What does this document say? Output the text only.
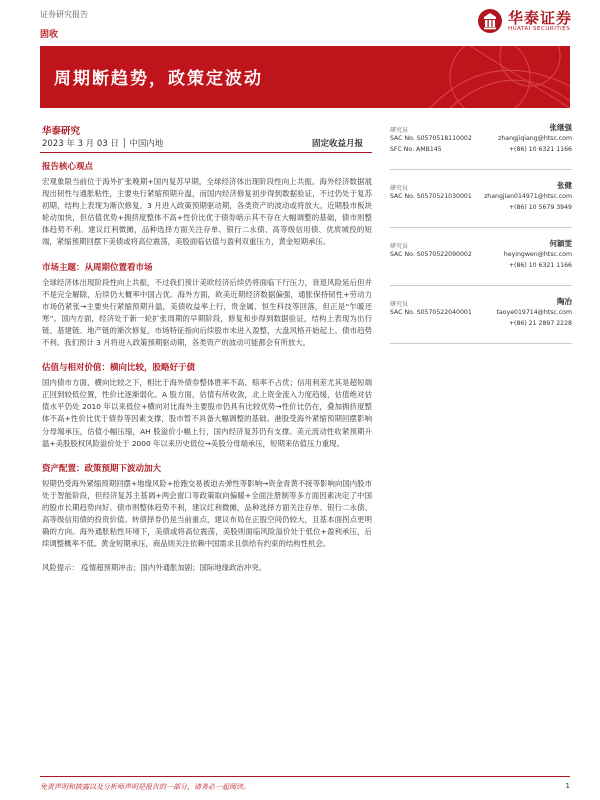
证券研究报告	华泰证券
HUATAI SECURITIES
固收
周期断趋势，政策定波动
华泰研究
2023 年 3 月 03 日 │ 中国内地	固定收益月报
报告核心观点
宏观象限当前位于海外扩张晚期+国内复苏早期，全球经济体出现阶段性向上共振。海外经济数据展现出韧性与通胀粘性，主要央行紧缩预期升温，而国内经济修复初步得到数据验证，不过仍处于复苏初期，结构上表现为渐次修复。3 月进入政策预期驱动期，各类资产的波动或将放大。近期股市板块轮动加快，但估值优势+拥挤度整体不高+性价比优于债券暗示其不存在大幅调整的基础，债市则整体趋势不利。建议红利微摊，品种选择方面关注存单、银行二永债、高等级信用债、优质城投的短端，紧缩预期回摆下美债或将高位震荡，美股面临估值与盈利双重压力，黄金短期承压。
市场主题：从周期位置看市场
全球经济体出现阶段性向上共振，不过我们预计美欧经济后续仍将面临下行压力，衰退风险延后但并不是完全解除，后续仍大概率中国占优。海外方面，欧美近期经济数据偏强，通胀保持韧性+劳动力市场仍紧张→主要央行紧缩预期升温，美债收益率上行，贵金属、恒生科技等回落，但正是“乍暖还寒”。国内方面，经济处于新一轮扩张周期的早期阶段，修复和步得到数据验证，结构上表现为出行链、基建链、地产链的渐次修复，市场特征指向后续股市未进入盈整，大盘风格开始起上、债市趋势不利。我们预计 3 月将进入政策预期驱动期，各类资产的波动可能都会有所放大。
估值与相对价值：横向比较，股略好于债
国内债市方面，横向比较之下，相比于海外债券整体胜率不高、赔率不占优；信用利差尤其是超短端正回到较低位置，性价比逐渐弱化。A 股方面，估值有所收敛，北上资金流入力度趋缓，估值绝对估值水平仍处 2010 年以来低位+横向对比海外主要股市仍具有比较优势→性价比仍在，叠加拥挤度整体不高+性价比优于债券等因素支撑，股市暂不具备大幅调整的基础。港股受海外紧缩预期回摆影响分母端承压，估值小幅压缩，AH 股溢价小幅上行，国内经济复苏仍有支撑。美元流动性收紧预期升温+美股股权风险溢价处于 2000 年以来历史低位→美股分母端承压，短期来估值压力重现。
资产配置：政策预期下波动加大
短期仍受海外紧缩预期回摆+地缘风险+抢跑交易被迫去弹性等影响→资金青黄不接等影响向国内股市处于智能阶段，但经济复苏主基调+两会窗口等政策取向偏暖+全面注册制等多方面因素决定了中国的股市长期趋势向好。债市则整体趋势不利，建议红利微摊，品种选择方面关注存单、银行二永债、高等级信用债的投资价值。转债择券仍是当前重点，建议布局在正股空间仍较大，且基本面拐点更明确的方向。海外通胀粘性环境下，美债或将高位震荡，美股则面临风险溢价处于低位+盈利承压，后续调整概率不低。黄金短期承压，商品则关注依赖中国需求且供给有约束的结构性机会。
风险提示： 疫情超预期冲击；国内外通胀加剧；国际地缘政治冲突。
研究员	张继强
SAC No. S0570518110002	zhangjiqiang@htsc.com
SFC No. AMB145	+(86) 10 6321 1166
研究员	张健
SAC No. S0570521030001 zhangjian014971@htsc.com
+(86) 10 5679 3949
研究员	何颖雯
SAC No. S0570522090002	heyingwen@htsc.com
+(86) 10 6321 1166
研究员	陶冶
SAC No. S0570522040001	taoye019714@htsc.com
+(86) 21 2897 2228
免责声明和披露以及分析师声明是报告的一部分，请务必一起阅读。	1
